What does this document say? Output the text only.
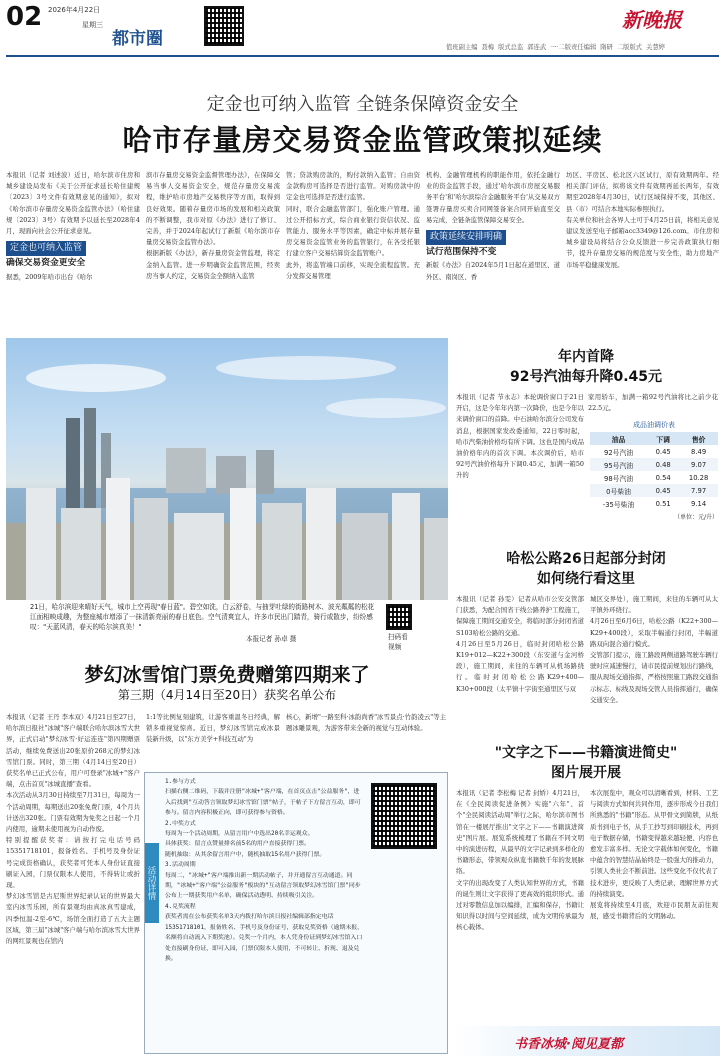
02 2026年4月22日
星期三
都市圈
新晚报
值班副主编 聂梅 版式总监 郭连武 一·二版责任编辑 隋研 二版版式 关慧婷
定金也可纳入监管 全链条保障资金安全
哈市存量房交易资金监管政策拟延续

本报讯（记者 刘述波）近日，哈尔滨市住房和城乡建设局发布《关于公开征求延长哈住建规〔2023〕3号文件有效期意见的通知》，拟对《哈尔滨市存量房交易资金监管办法》（哈住建规〔2023〕3号）有效期予以延长至2028年4月，现面向社会公开征求意见。

定金也可纳入监管
确保交易资金更安全

据悉，2009年哈市出台《哈尔

滨市存量房交易资金监督管理办法》，在保障交易当事人交易资金安全，规范存量房交易流程，维护哈市房地产交易秩序等方面，取得到良好效果。随着存量房市场的发展和相关政策的不断调整，我市对原《办法》进行了修订、完善，并于2024年起试行了新版《哈尔滨市存量房交易资金监管办法》。
根据新版《办法》，新存量房资金管监理，将定金纳入监管。进一步明确资金监管范围，经卖房当事人约定，交易资金全额纳入监管

管；贷款购房款的，购付款纳入监管；自由资金款购房可选择是否进行监管。对购房款中的定金也可选择是否进行监管。
同时，联合金融监管部门，强化账户管理。通过公开招标方式，综合商业银行资信状况、监管能力、服务水平等因素，确定中标并展存量房交易资金监管业务的监管银行，在各受托银行建立客户交易结算资金监管账户。
此外，将监管端口前移，实现全流程监管。充分发挥交易管理

机构、金融管理机构的职能作用，依托金融行业的资金监管手段，通过'哈尔滨市房屋交易服务平台'和'哈尔滨综合金融服务平台'从交易双方签署存量房买卖合同网签备案合同开始直至交易完成，全链条监管保障交易安全。

政策延续安排明确
试行范围保持不变

新版《办法》自2024年5月1日起在道里区、道外区、南岗区、香

坊区、平房区、松北区六区试行，原有效期两年。经相关部门评估，拟将该文件有效期再延长两年，有效期至2028年4月30日，试行区域保持不变，其他区、县（市）可结合本地实际参照执行。
有关单位和社会各界人士可于4月25日前，将相关意见建议发送至电子邮箱acc3349@126.com。市住房和城乡建设局将结合公众反馈进一步完善政策执行细节，提升存量房交易的规范度与安全性，助力房地产市场平稳健康发展。

21日，哈尔滨迎来晴好天气，城市上空再现"春日蓝"。碧空如洗，白云舒卷，与抽芽吐绿的街路树木、波光粼粼的松花江面相映成趣，为整座城市增添了一抹清新亮丽的春日底色。空气清爽宜人，许多市民出门踏青，骑行或散步，纷纷感叹："天蓝风清，春天的哈尔滨真美！"
本报记者 孙卓 摄	扫码看视频
年内首降
92号汽油每升降0.45元
本报讯（记者 节永志）本轮调价窗口于21日开启，这是今年年内第一次降价，也是今年以来调价窗口的首降。中石油哈尔滨分公司发布消息，根据国家发改委通知，22日零时起，哈市汽柴油价格均有所下调。这也是国内成品油价格年内的首次下调。本次调价后，哈市92号汽油价格每升下调0.45元，加满一箱50升的
家用轿车，加满一箱92号汽油将比之前少花22.5元。
成品油调价表
油品	下调	售价
92号汽油	0.45	8.49
95号汽油	0.48	9.07
98号汽油	0.54	10.28
0号柴油	0.45	7.97
-35号柴油	0.51	9.14
（单位：元/升）
哈松公路26日起部分封闭
如何绕行看这里
本报讯（记者 孙雯）记者从哈市公安交管部门获悉，为配合国省干线公路养护工程施工，保障施工期间交通安全，将临时部分封闭省道S103哈松公路的交通。
4月26日至5月26日，临时封闭哈松公路K19+012—K22+300段（东安道与金河桥段），施工期间，来往的车辆可从机场路绕行。临时封闭哈松公路K29+400—K30+000段（太平镇十字街至通里区与双
城区交界处），施工期间，来往的车辆可从太平镇外环绕行。
4月26日至6月6日，哈松公路（K22+300—K29+400段），采取半幅通行封闭，半幅道路双向混合通行模式。
交管部门提示，施工路段两侧道路驾驶车辆行驶时应减速慢行，请市民提前规划出行路线，服从现场交通指挥，严格按照施工路段交通指示标志、标线及现场交管人员指挥通行，确保交通安全。
梦幻冰雪馆门票免费赠第四期来了
第三期（4月14日至20日）获奖名单公布
本报讯（记者 王丹 李本双）4月21日至27日，哈尔滨日报社"冰城"客户端联合哈尔滨冰雪大世界，正式启动"梦幻冰雪·好运连连"第四期赠票活动，继续免费送出20张原价268元的梦幻冰雪馆门票。同时，第三期（4月14日至20日）获奖名单已正式公布，用户可登录"冰城+"客户端，点击首页"冰城直播"查看。
本次活动从3月30日持续至7月31日，每周为一个活动周期，每期送出20张免费门票，4个月共计送出320张。门票有效期为免奖之日起一个月内使用，逾期未使用视为自动作废。
特别提醒获奖者：请按打完电话号码15351718101，报备姓名、手机号及身份证号完成资格确认，获奖者可凭本人身份证直接刷证入园，门票仅限本人使用，不得转让或折现。
梦幻冰雪馆是古尼斯世界纪录认证的世界最大室内冰雪乐园，所有景观均由真冰真雪建成，四季恒温-2至-6℃，场馆全面打造了五大主题区域，第三届"冰城"客户端与哈尔滨冰雪大世界的网红景观也在馆内
1:1等比例复刻建筑，让游客重温冬日经典，解锁多重视觉惊喜。近日，梦幻冰雪馆完成冰景装新升级，以"东方美学+科技互动"为
核心，新增"一路至科·冰韵尚香"冰雪景点·竹韵凌云"等主题冰雕景观，为游客带来全新的视觉与互动体验。
活动详情
1.参与方式
扫描右侧二维码，下载并注册"冰城+"客户端，在首页点击"公益服务"，进入后找到"互动答言领取梦幻冰雪馆门票"帖子，于帖子下方留言互动，即可参与。留言内容积极正向，即可获得参与资格。
2.中奖方式
每周为一个活动周期，从留言用户中选出20名幸运观众。
具体获奖：留言点赞量排名前5名的用户直接获得门票。
随机抽取：从其余留言用户中，随机抽取15名用户获得门票。
3.活动周期
每周二，"冰城+"客户端推出新一期活动帖子，并开通留言互动通道。同期，"冰城+"客户端"公益服务"板块的"互动留言领取梦幻冰雪馆门票"同步公布上一期获奖用户名单，确保活动透明、持续吸引关注。
4.兑奖流程
获奖者需在公布获奖名单3天内拨打哈尔滨日报社编辑部指定电话15351718101，报备姓名、手机号及身份证号，获取兑奖资格（逾期未报，名额将自动流入下期奖池）。兑奖一个月内，本人凭身份证到梦幻冰雪馆入口处直接刷身份证，即可入园，门票仅限本人使用，不可转让、折现、退及兑换。
"文字之下——书籍演进简史"
图片展开展
本报讯（记者 李松梅 记者 封娇）4月21日，在《全民阅读促进条例》实施"六年"、首个"全民阅读活动周"举行之际，哈尔滨市图书馆在一楼展厅推出"文字之下——书籍演进简史"图片展。展览系统梳理了书籍在不同文明中的演进历程，从最早的文字记录到多样化的书籍形态，带领观众纵览书籍数千年的发展脉络。
文字的出现改变了人类认知世界的方式，书籍的诞生则让文字获得了更高效的组织形式。通过对零散信息加以编排，汇编和保存，书籍让知识得以时间与空间延续，成为文明传承最为核心载体。
本次展览中，观众可以清晰看到，材料、工艺与阅读方式如何共同作用，逐步形成今日我们所熟悉的"书籍"形态。从甲骨文到简牍，从纸质书到电子书，从手工抄写到印刷技术，再到电子数据存储，书籍变得越来越轻便、内容也愈发丰富多样。无论文字载体如何变化，书籍中蕴含的智慧结晶始终是一股强大的推动力，引领人类社会不断前进。这些变化不仅代表了技术进步，更反映了人类记录、理解世界方式的持续演变。
展览将持续至4月底，欢迎市民朋友前往观展，感受书籍背后的文明脉动。
书香冰城·阅见夏都
